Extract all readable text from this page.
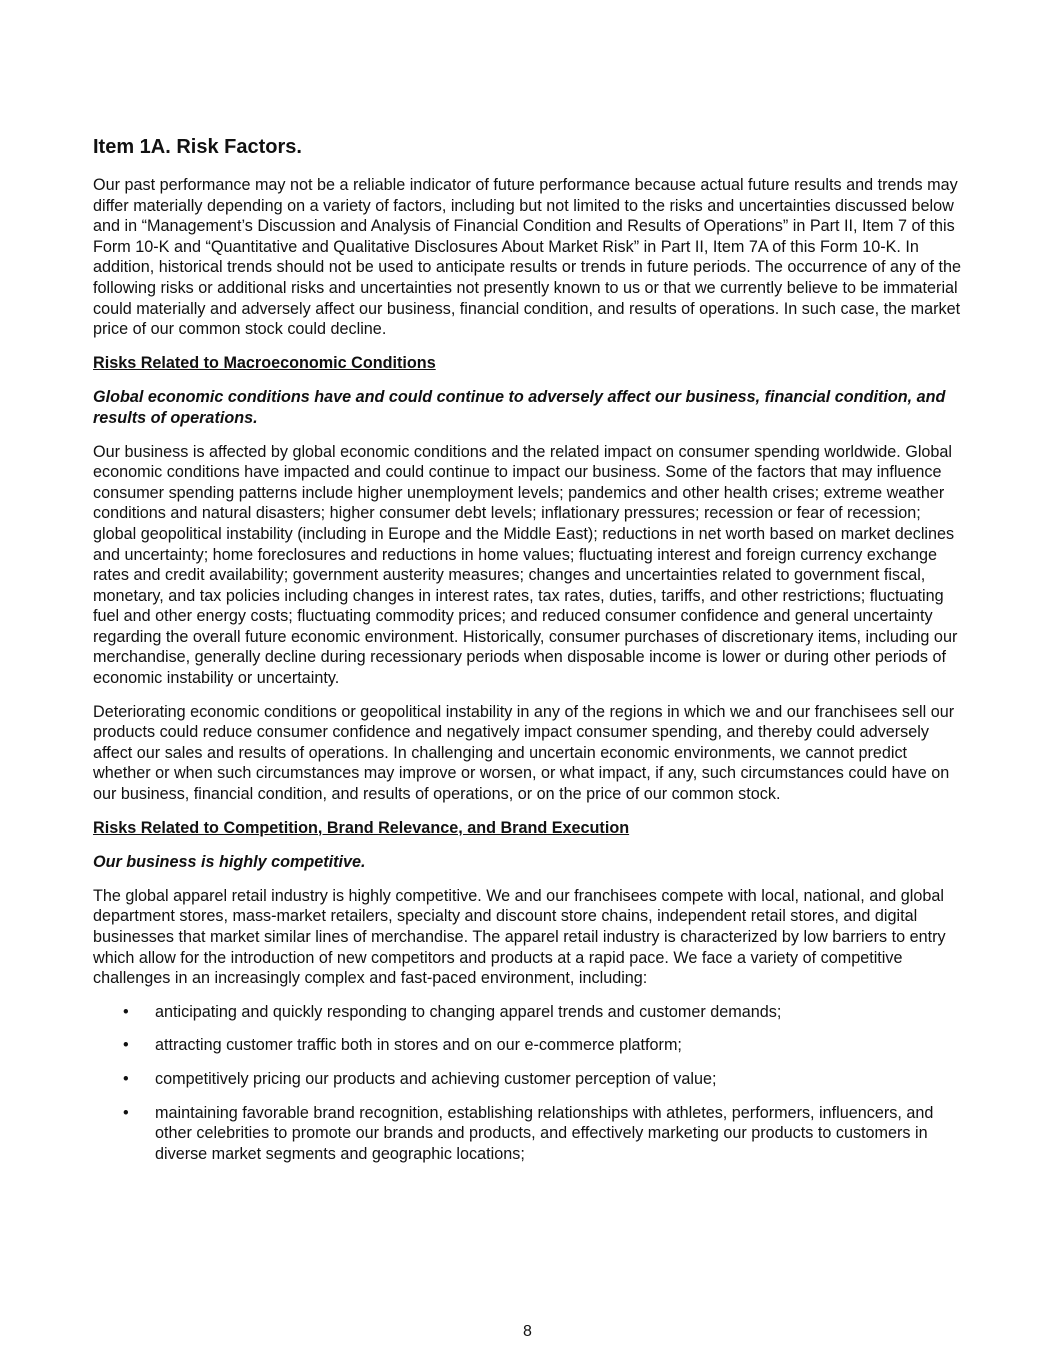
Item 1A. Risk Factors.

Our past performance may not be a reliable indicator of future performance because actual future results and trends may differ materially depending on a variety of factors, including but not limited to the risks and uncertainties discussed below and in “Management’s Discussion and Analysis of Financial Condition and Results of Operations” in Part II, Item 7 of this Form 10-K and “Quantitative and Qualitative Disclosures About Market Risk” in Part II, Item 7A of this Form 10-K. In addition, historical trends should not be used to anticipate results or trends in future periods. The occurrence of any of the following risks or additional risks and uncertainties not presently known to us or that we currently believe to be immaterial could materially and adversely affect our business, financial condition, and results of operations. In such case, the market price of our common stock could decline.

Risks Related to Macroeconomic Conditions

Global economic conditions have and could continue to adversely affect our business, financial condition, and results of operations.

Our business is affected by global economic conditions and the related impact on consumer spending worldwide. Global economic conditions have impacted and could continue to impact our business. Some of the factors that may influence consumer spending patterns include higher unemployment levels; pandemics and other health crises; extreme weather conditions and natural disasters; higher consumer debt levels; inflationary pressures; recession or fear of recession; global geopolitical instability (including in Europe and the Middle East); reductions in net worth based on market declines and uncertainty; home foreclosures and reductions in home values; fluctuating interest and foreign currency exchange rates and credit availability; government austerity measures; changes and uncertainties related to government fiscal, monetary, and tax policies including changes in interest rates, tax rates, duties, tariffs, and other restrictions; fluctuating fuel and other energy costs; fluctuating commodity prices; and reduced consumer confidence and general uncertainty regarding the overall future economic environment. Historically, consumer purchases of discretionary items, including our merchandise, generally decline during recessionary periods when disposable income is lower or during other periods of economic instability or uncertainty.

Deteriorating economic conditions or geopolitical instability in any of the regions in which we and our franchisees sell our products could reduce consumer confidence and negatively impact consumer spending, and thereby could adversely affect our sales and results of operations. In challenging and uncertain economic environments, we cannot predict whether or when such circumstances may improve or worsen, or what impact, if any, such circumstances could have on our business, financial condition, and results of operations, or on the price of our common stock.

Risks Related to Competition, Brand Relevance, and Brand Execution

Our business is highly competitive.

The global apparel retail industry is highly competitive. We and our franchisees compete with local, national, and global department stores, mass-market retailers, specialty and discount store chains, independent retail stores, and digital businesses that market similar lines of merchandise. The apparel retail industry is characterized by low barriers to entry which allow for the introduction of new competitors and products at a rapid pace. We face a variety of competitive challenges in an increasingly complex and fast-paced environment, including:

• anticipating and quickly responding to changing apparel trends and customer demands;
• attracting customer traffic both in stores and on our e-commerce platform;
• competitively pricing our products and achieving customer perception of value;
• maintaining favorable brand recognition, establishing relationships with athletes, performers, influencers, and other celebrities to promote our brands and products, and effectively marketing our products to customers in diverse market segments and geographic locations;
8
